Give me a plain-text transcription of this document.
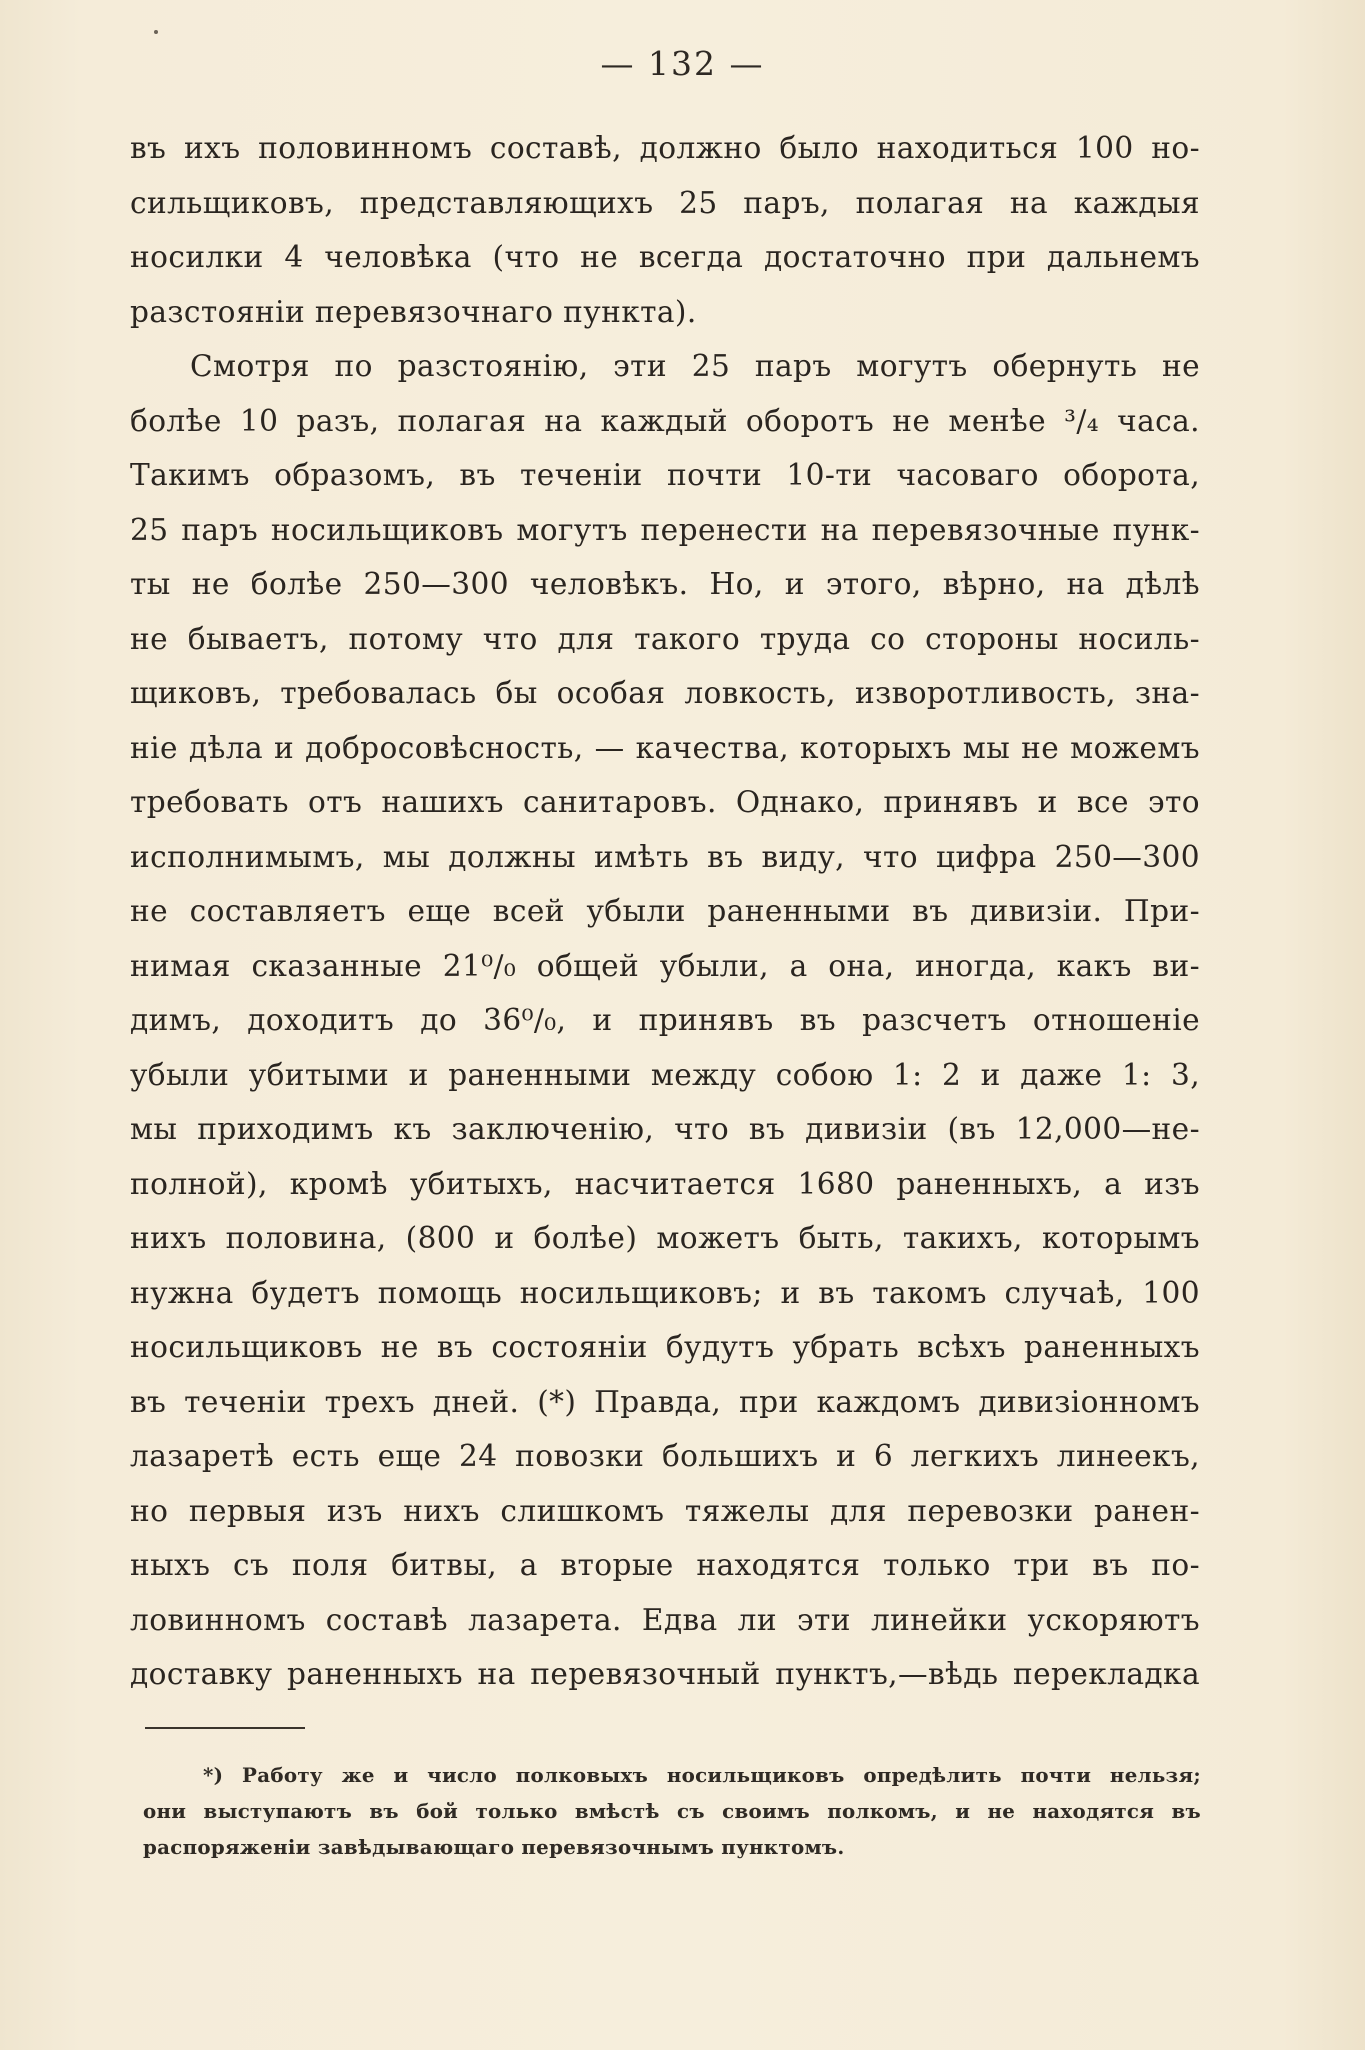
— 132 —
въ ихъ половинномъ составѣ, должно было находиться 100 но-
сильщиковъ, представляющихъ 25 паръ, полагая на каждыя
носилки 4 человѣка (что не всегда достаточно при дальнемъ
разстояніи перевязочнаго пункта).
Смотря по разстоянію, эти 25 паръ могутъ обернуть не
болѣе 10 разъ, полагая на каждый оборотъ не менѣе ³/₄ часа.
Такимъ образомъ, въ теченіи почти 10-ти часоваго оборота,
25 паръ носильщиковъ могутъ перенести на перевязочные пунк-
ты не болѣе 250—300 человѣкъ. Но, и этого, вѣрно, на дѣлѣ
не бываетъ, потому что для такого труда со стороны носиль-
щиковъ, требовалась бы особая ловкость, изворотливость, зна-
ніе дѣла и добросовѣсность, — качества, которыхъ мы не можемъ
требовать отъ нашихъ санитаровъ. Однако, принявъ и все это
исполнимымъ, мы должны имѣть въ виду, что цифра 250—300
не составляетъ еще всей убыли раненными въ дивизіи. При-
нимая сказанные 21⁰/₀ общей убыли, а она, иногда, какъ ви-
димъ, доходитъ до 36⁰/₀, и принявъ въ разсчетъ отношеніе
убыли убитыми и раненными между собою 1: 2 и даже 1: 3,
мы приходимъ къ заключенію, что въ дивизіи (въ 12,000—не-
полной), кромѣ убитыхъ, насчитается 1680 раненныхъ, а изъ
нихъ половина, (800 и болѣе) можетъ быть, такихъ, которымъ
нужна будетъ помощь носильщиковъ; и въ такомъ случаѣ, 100
носильщиковъ не въ состояніи будутъ убрать всѣхъ раненныхъ
въ теченіи трехъ дней. (*) Правда, при каждомъ дивизіонномъ
лазаретѣ есть еще 24 повозки большихъ и 6 легкихъ линеекъ,
но первыя изъ нихъ слишкомъ тяжелы для перевозки ранен-
ныхъ съ поля битвы, а вторые находятся только три въ по-
ловинномъ составѣ лазарета. Едва ли эти линейки ускоряютъ
доставку раненныхъ на перевязочный пунктъ,—вѣдь перекладка
*) Работу же и число полковыхъ носильщиковъ опредѣлить почти нельзя;
они выступаютъ въ бой только вмѣстѣ съ своимъ полкомъ, и не находятся въ
распоряженіи завѣдывающаго перевязочнымъ пунктомъ.
